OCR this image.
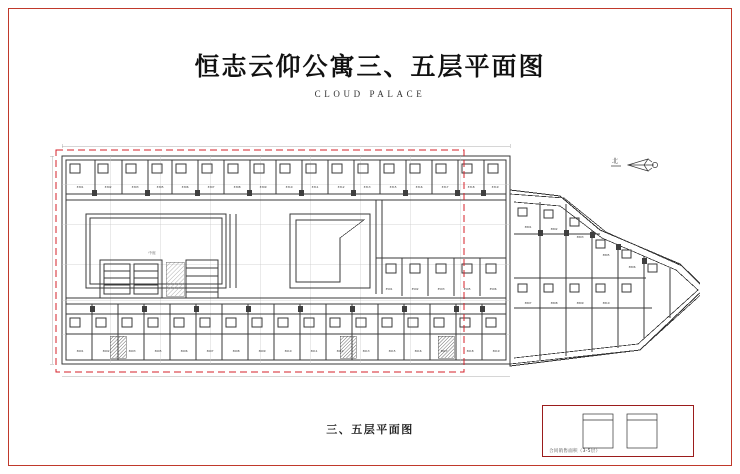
恒志云仰公寓三、五层平面图
CLOUD PALACE
北
中庭
3301	3302	3303	3305	3306	3307	3308	3309	3310	3311	3312	3313	3315	3316	3317	3318	3319
3501	3502	3503	3505	3506
3601	3602	3603	3605	3606	3607	3608	3609	3610	3611	3612	3613	3615	3616	3617	3618	3619
3801	3802
3803
3805
3806
3807	3808	3809	3810
三、五层平面图
合同销售面积（3-5层）
